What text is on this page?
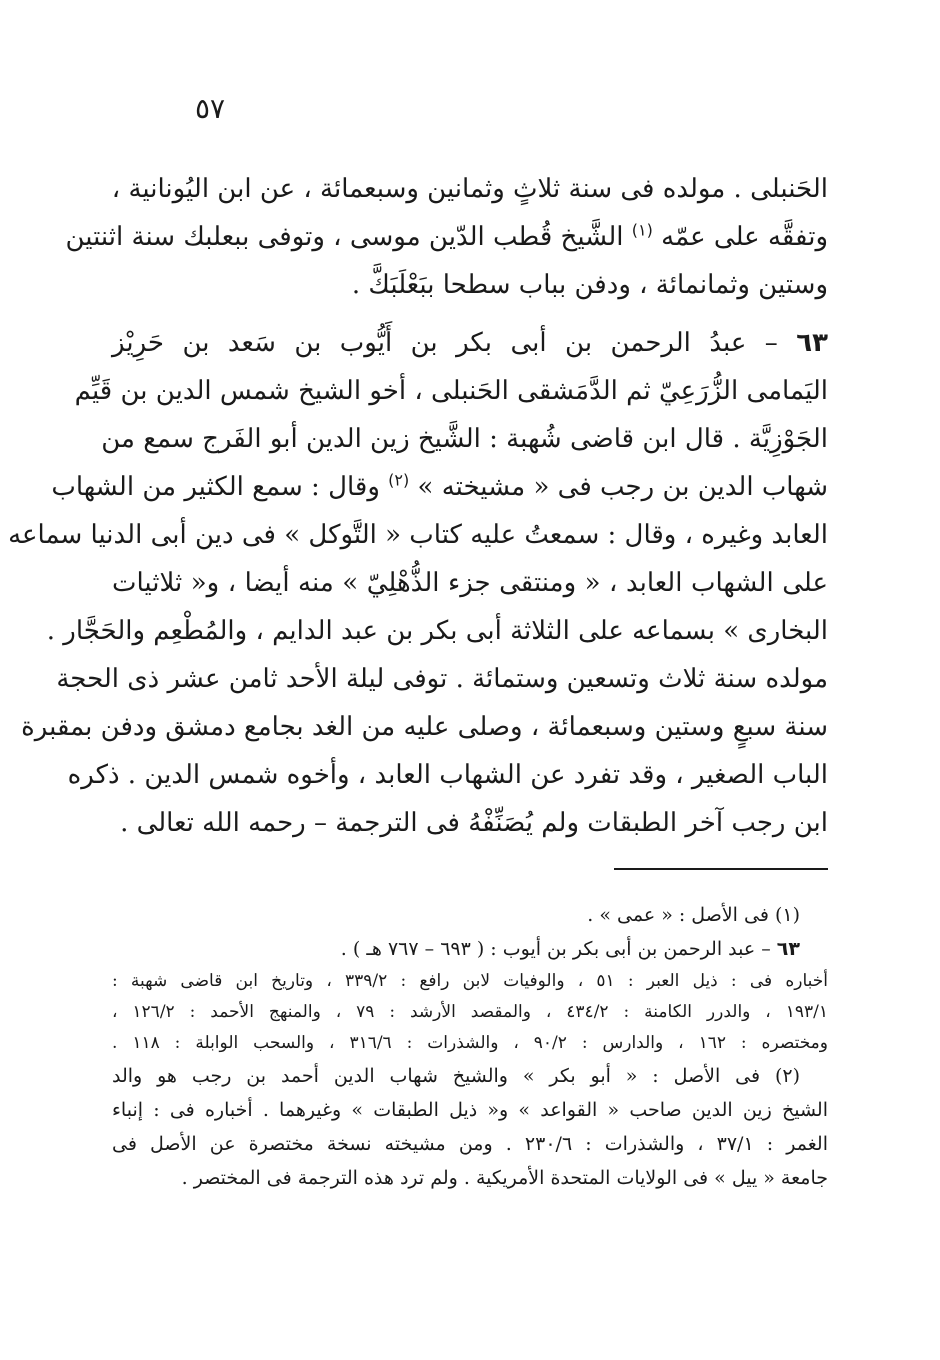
٥٧
الحَنبلى . مولده فى سنة ثلاثٍ وثمانين وسبعمائة ، عن ابن اليُونانية ،
وتفقَّه على عمّه $^{(١)}$ الشَّيخ قُطب الدّين موسى ، وتوفى ببعلبك سنة اثنتين
وستين وثمانمائة ، ودفن بباب سطحا ببَعْلَبَكَّ .
٦٣ – عبدُ الرحمن بن أبى بكر بن أَيُّوب بن سَعد بن حَرِيْز
اليَمامى الزُّرَعِيّ ثم الدَّمَشقى الحَنبلى ، أخو الشيخ شمس الدين بن قَيِّم
الجَوْزِيَّة . قال ابن قاضى شُهبة : الشَّيخ زين الدين أبو الفَرج سمع من
شهاب الدين بن رجب فى « مشيخته » $^{(٢)}$ وقال : سمع الكثير من الشهاب
العابد وغيره ، وقال : سمعتُ عليه كتاب « التَّوكل » فى دين أبى الدنيا سماعه
على الشهاب العابد ، « ومنتقى جزء الذُّهْلِيّ » منه أيضا ، و« ثلاثيات
البخارى » بسماعه على الثلاثة أبى بكر بن عبد الدايم ، والمُطْعِم والحَجَّار .
مولده سنة ثلاث وتسعين وستمائة . توفى ليلة الأحد ثامن عشر ذى الحجة
سنة سبعٍ وستين وسبعمائة ، وصلى عليه من الغد بجامع دمشق ودفن بمقبرة
الباب الصغير ، وقد تفرد عن الشهاب العابد ، وأخوه شمس الدين . ذكره
ابن رجب آخر الطبقات ولم يُصَنِّفْهُ فى الترجمة – رحمه الله تعالى .
(١) فى الأصل : « عمى » .
٦٣ – عبد الرحمن بن أبى بكر بن أيوب : ( ٦٩٣ – ٧٦٧ هـ ) .
أخباره فى : ذيل العبر : ٥١ ، والوفيات لابن رافع : ٣٣٩/٢ ، وتاريخ ابن قاضى شهبة :
١٩٣/١ ، والدرر الكامنة : ٤٣٤/٢ ، والمقصد الأرشد : ٧٩ ، والمنهج الأحمد : ١٢٦/٢ ،
ومختصره : ١٦٢ ، والدارس : ٩٠/٢ ، والشذرات : ٣١٦/٦ ، والسحب الوابلة : ١١٨ .
(٢) فى الأصل : « أبو بكر » والشيخ شهاب الدين أحمد بن رجب هو والد
الشيخ زين الدين صاحب « القواعد » و« ذيل الطبقات » وغيرهما . أخباره فى : إنباء
الغمر : ٣٧/١ ، والشذرات : ٢٣٠/٦ . ومن مشيخته نسخة مختصرة عن الأصل فى
جامعة « ييل » فى الولايات المتحدة الأمريكية . ولم ترد هذه الترجمة فى المختصر .
